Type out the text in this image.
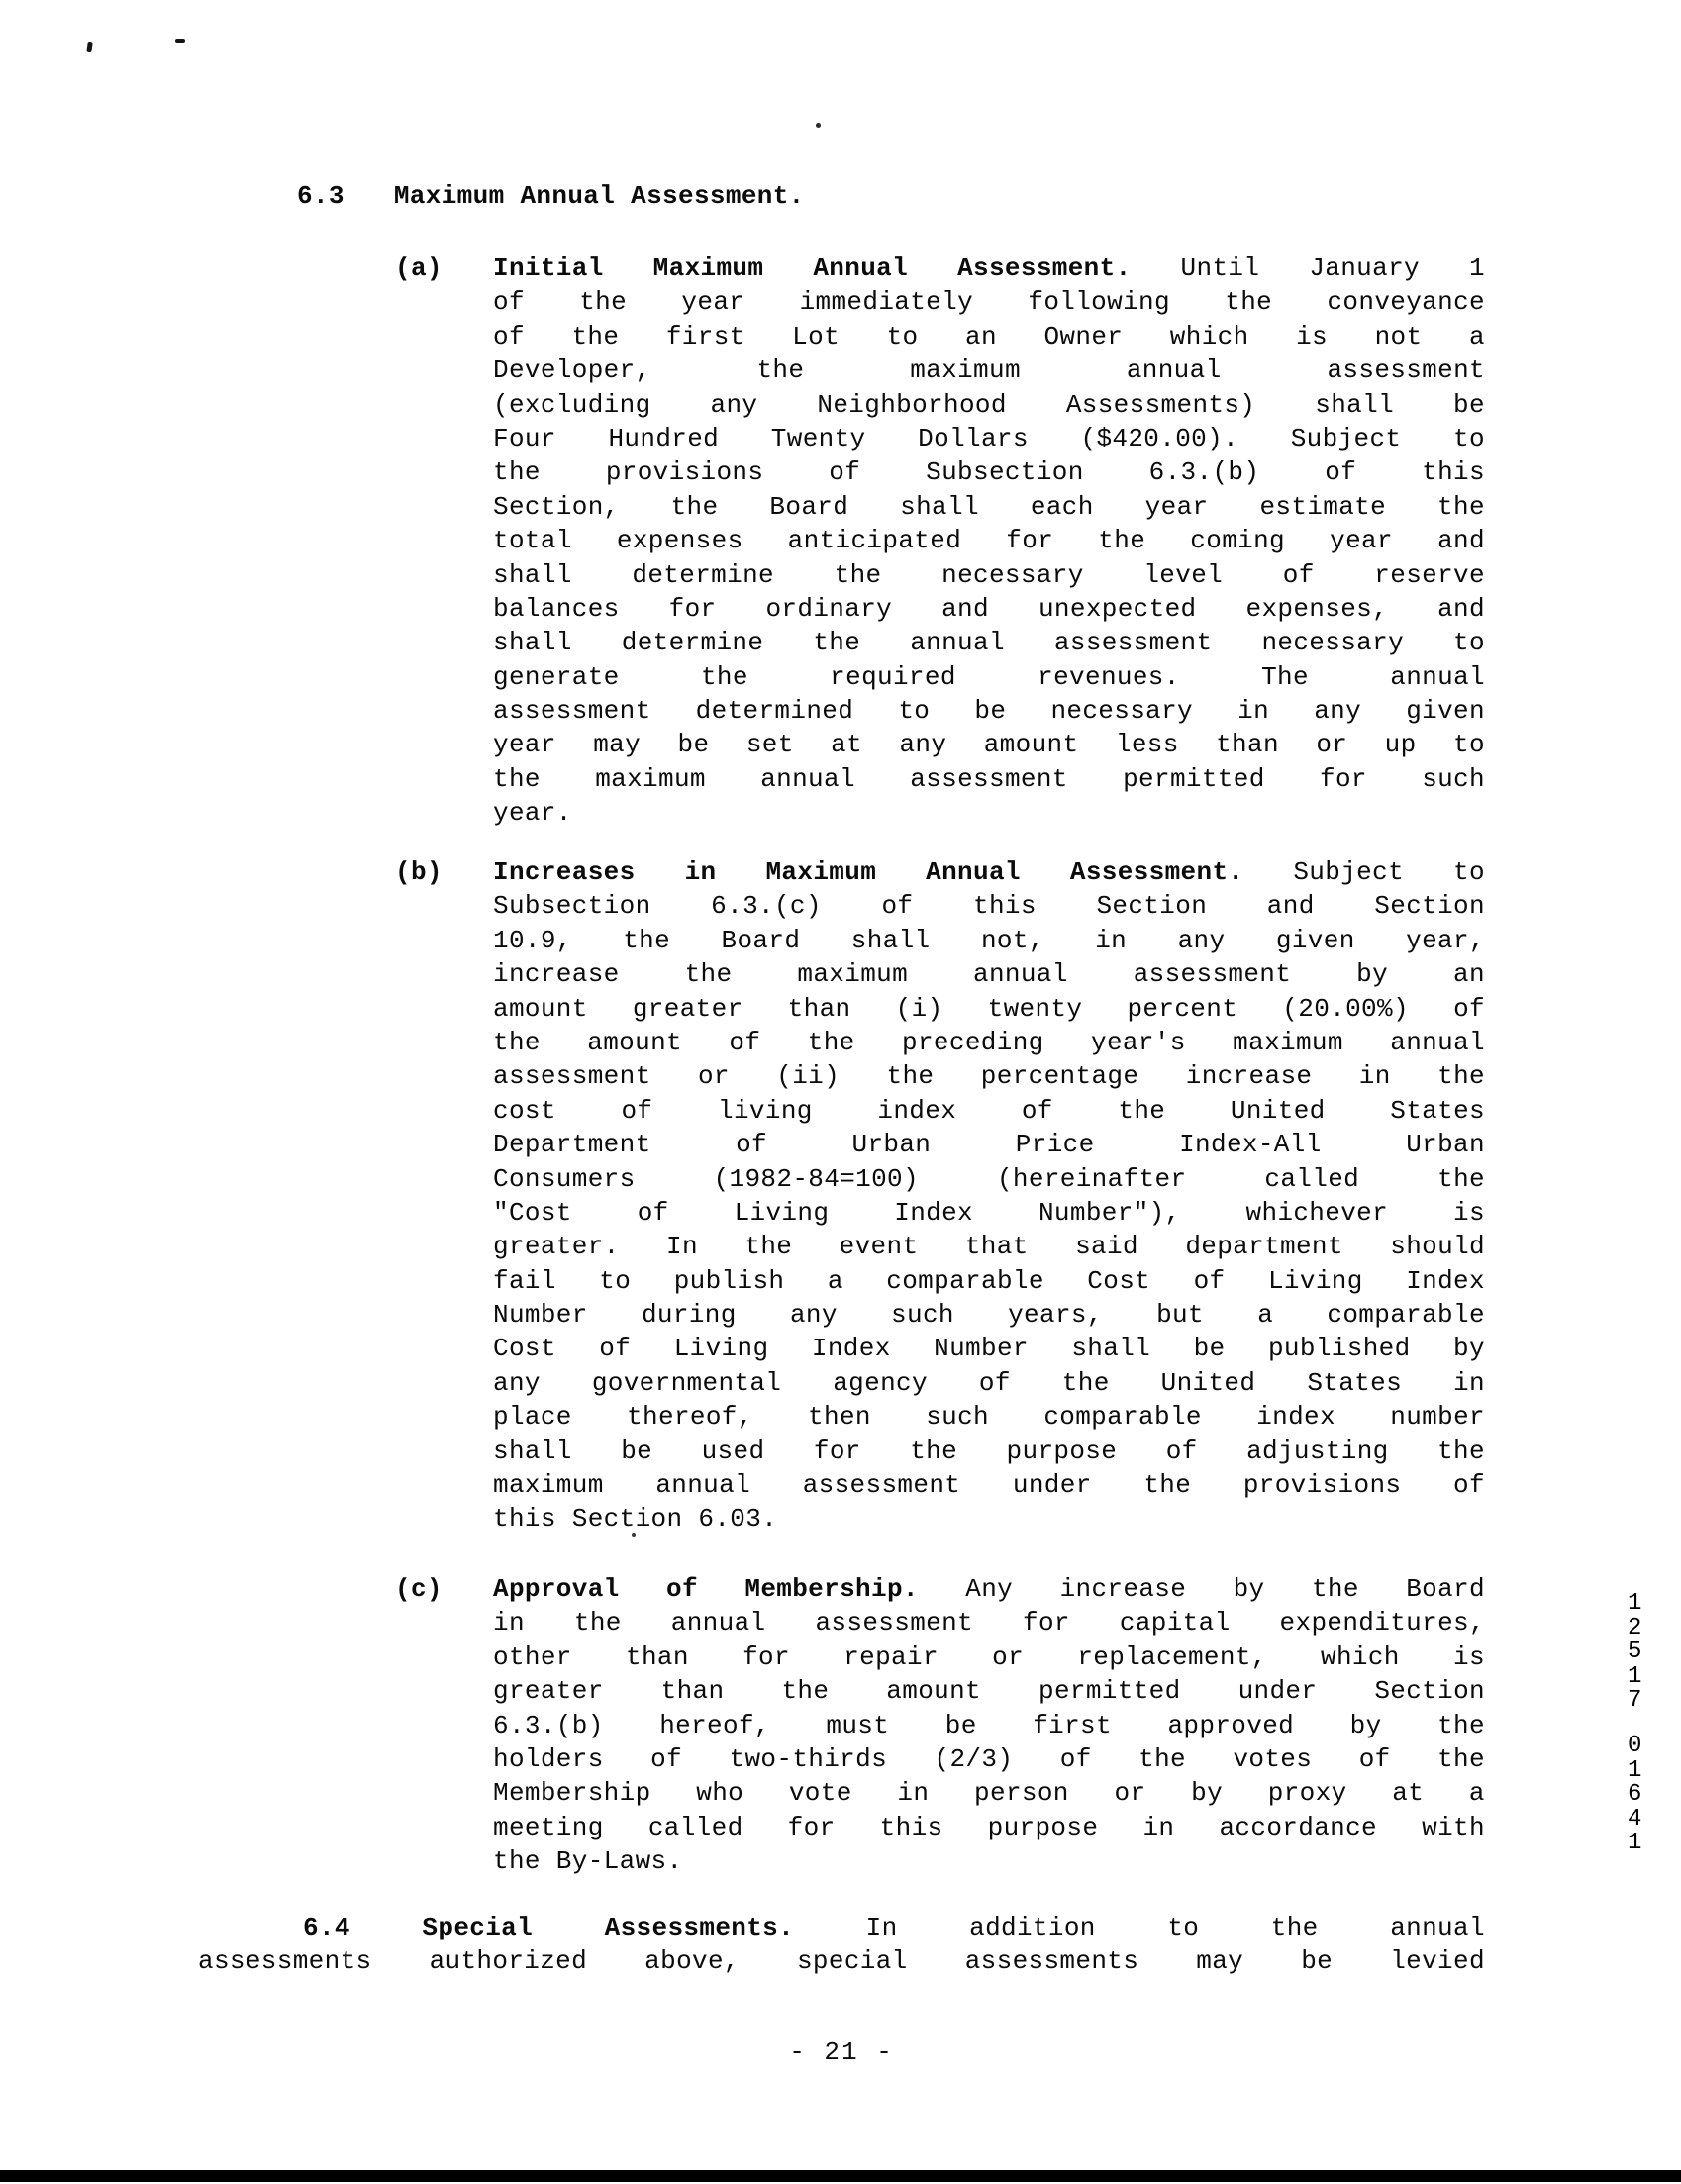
6.3 Maximum Annual Assessment.
(a)
(b)
(c)
Initial Maximum Annual Assessment. Until January 1
of the year immediately following the conveyance
of the first Lot to an Owner which is not a
Developer,	the	maximum	annual	assessment
(excluding any Neighborhood Assessments) shall be
Four Hundred Twenty Dollars ($420.00). Subject to
the	provisions	of	Subsection	6.3.(b)	of	this
Section, the Board shall each year estimate the
total expenses anticipated for the coming year and
shall determine the necessary level of reserve
balances for ordinary and unexpected expenses, and
shall determine the annual assessment necessary to
generate	the	required	revenues.	The	annual
assessment determined to be necessary in any given
year may be set at any amount less than or up to
the maximum annual assessment permitted for such
year.
Increases in Maximum Annual Assessment. Subject to
Subsection 6.3.(c) of this Section and Section
10.9, the Board shall not, in any given year,
increase	the	maximum	annual	assessment	by	an
amount greater than (i) twenty percent (20.00%) of
the amount of the preceding year's maximum annual
assessment or (ii) the percentage increase in the
cost	of	living	index	of	the	United	States
Department	of	Urban	Price	Index-All	Urban
Consumers	(1982-84=100)	(hereinafter	called	the
"Cost	of	Living	Index	Number"),	whichever	is
greater. In the event that said department should
fail to publish a comparable Cost of Living Index
Number during any such years, but a comparable
Cost of Living Index Number shall be published by
any governmental agency of the United States in
place thereof, then such comparable index number
shall be used for the purpose of adjusting the
maximum annual assessment under the provisions of
this Section 6.03.
Approval of Membership. Any increase by the Board
in the annual assessment for capital expenditures,
other than for repair or replacement, which is
greater than the amount permitted under Section
6.3.(b) hereof, must be first approved by the
holders of two-thirds (2/3) of the votes of the
Membership who vote in person or by proxy at a
meeting called for this purpose in accordance with
the By-Laws.
6.4	Special	Assessments.	In	addition	to	the	annual
assessments authorized above, special assessments may be levied
12517
01641
- 21 -
